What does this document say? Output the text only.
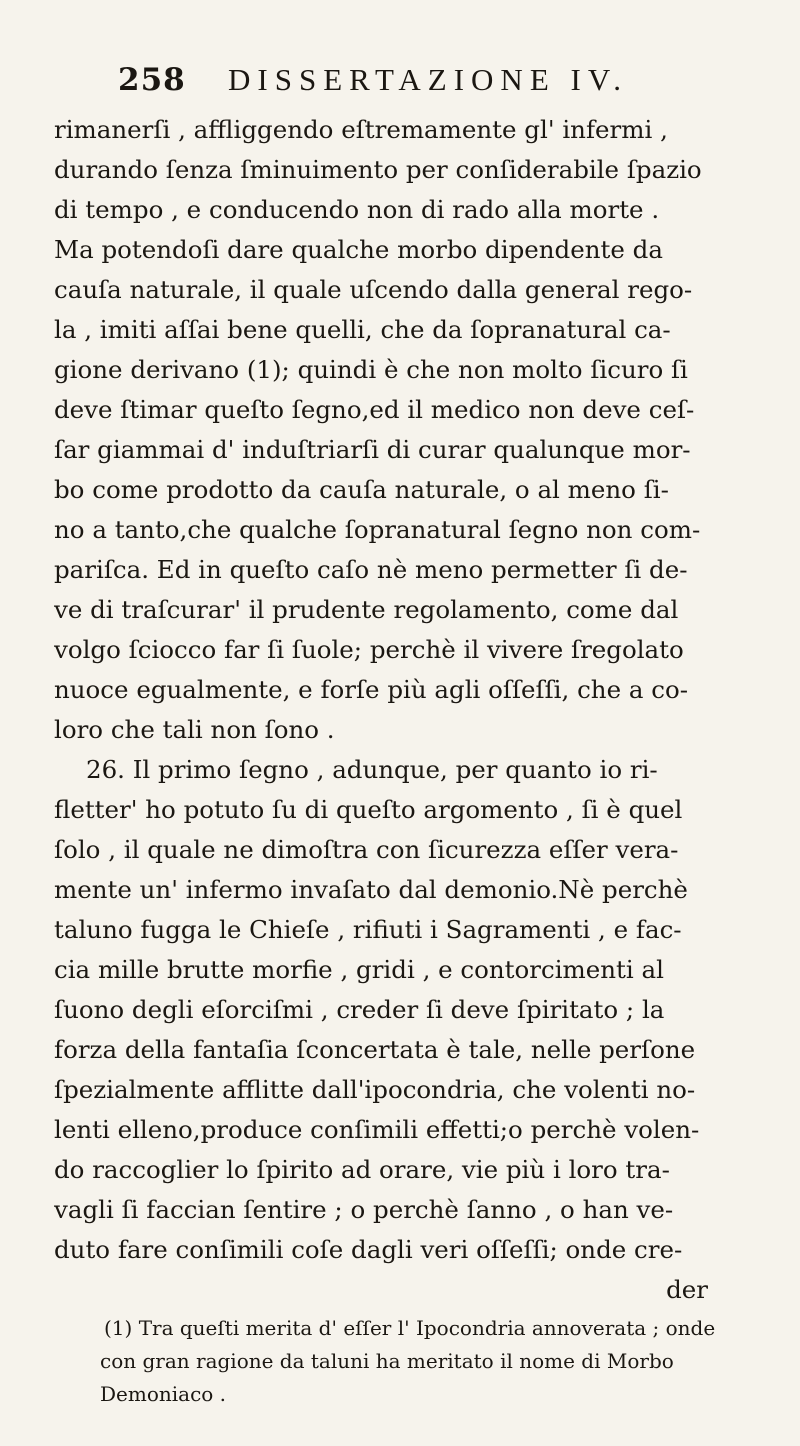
258 DISSERTAZIONE IV.
rimanerſi , affliggendo eſtremamente gl' infermi ,
durando ſenza ſminuimento per conſiderabile ſpazio
di tempo , e conducendo non di rado alla morte .
Ma potendoſi dare qualche morbo dipendente da
cauſa naturale, il quale uſcendo dalla general rego-
la , imiti aſſai bene quelli, che da ſopranatural ca-
gione derivano (1); quindi è che non molto ſicuro ſi
deve ſtimar queſto ſegno,ed il medico non deve ceſ-
ſar giammai d' induſtriarſi di curar qualunque mor-
bo come prodotto da cauſa naturale, o al meno ſi-
no a tanto,che qualche ſopranatural ſegno non com-
pariſca. Ed in queſto caſo nè meno permetter ſi de-
ve di traſcurar' il prudente regolamento, come dal
volgo ſciocco far ſi ſuole; perchè il vivere ſregolato
nuoce egualmente, e forſe più agli oſſeſſi, che a co-
loro che tali non ſono .
26. Il primo ſegno , adunque, per quanto io ri-
fletter' ho potuto ſu di queſto argomento , ſi è quel
ſolo , il quale ne dimoſtra con ſicurezza eſſer vera-
mente un' infermo invaſato dal demonio.Nè perchè
taluno fugga le Chieſe , rifiuti i Sagramenti , e fac-
cia mille brutte morfie , gridi , e contorcimenti al
ſuono degli eſorciſmi , creder ſi deve ſpiritato ; la
forza della fantaſia ſconcertata è tale, nelle perſone
ſpezialmente afflitte dall'ipocondria, che volenti no-
lenti elleno,produce conſimili effetti;o perchè volen-
do raccoglier lo ſpirito ad orare, vie più i loro tra-
vagli ſi faccian ſentire ; o perchè ſanno , o han ve-
duto fare conſimili coſe dagli veri oſſeſſi; onde cre-
der
(1) Tra queſti merita d' eſſer l' Ipocondria annoverata ; onde
con gran ragione da taluni ha meritato il nome di Morbo
Demoniaco .
